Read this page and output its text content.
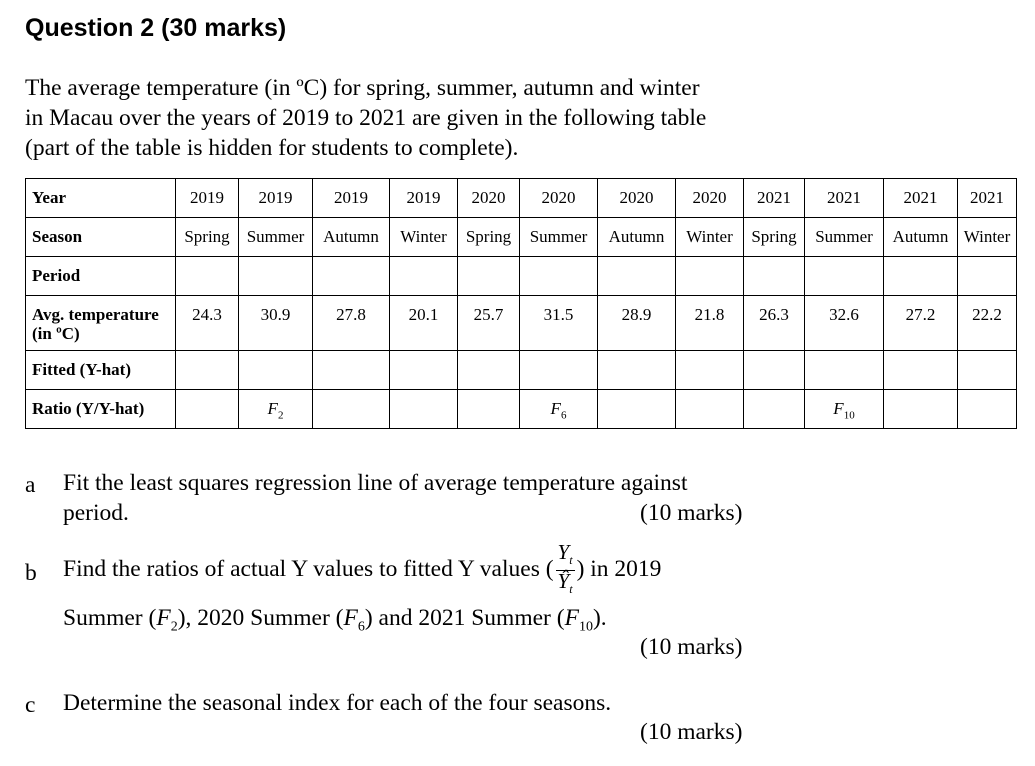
Question 2 (30 marks)
The average temperature (in ºC) for spring, summer, autumn and winter
in Macau over the years of 2019 to 2021 are given in the following table
(part of the table is hidden for students to complete).
Year	2019	2019	2019	2019	2020	2020	2020	2020	2021	2021	2021	2021
Season	Spring	Summer	Autumn	Winter	Spring	Summer	Autumn	Winter	Spring	Summer	Autumn	Winter
Period												
Avg. temperature
(in ºC)	24.3	30.9	27.8	20.1	25.7	31.5	28.9	21.8	26.3	32.6	27.2	22.2
Fitted (Y-hat)												
Ratio (Y/Y-hat)		$F_2$				$F_6$				$F_{10}$		
a Fit the least squares regression line of average temperature against
period.	(10 marks)
b Find the ratios of actual Y values to fitted Y values ( $\frac{Y_t}{Ŷ_t}$ ) in 2019
Summer $(F_2)$, 2020 Summer $(F_6)$ and 2021 Summer $(F_{10})$.
(10 marks)
c Determine the seasonal index for each of the four seasons.
(10 marks)
